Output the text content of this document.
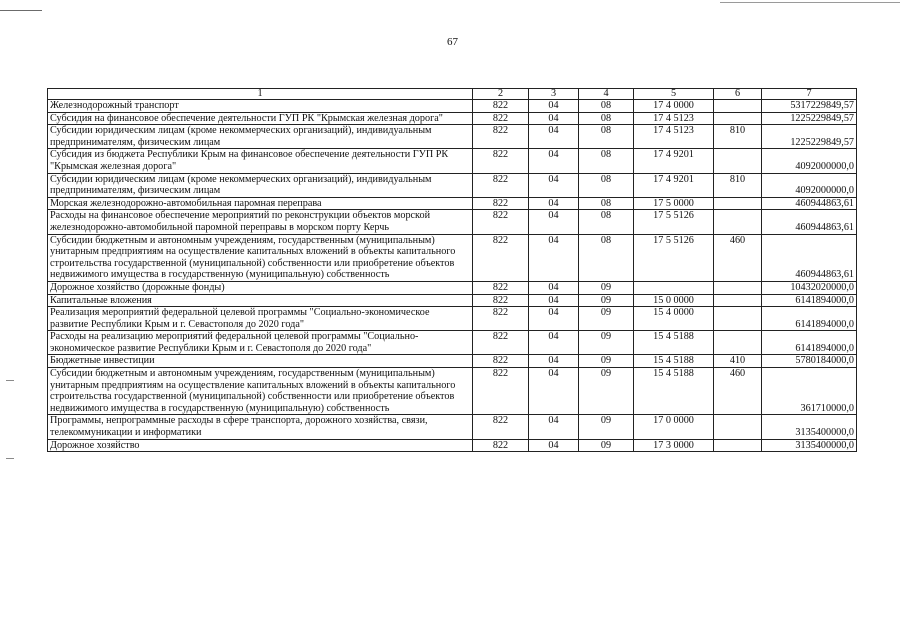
67
1	2	3	4	5	6	7
Железнодорожный транспорт	822	04	08	17 4 0000		5317229849,57
Субсидия на финансовое обеспечение деятельности ГУП РК "Крымская железная дорога"	822	04	08	17 4 5123		1225229849,57
Субсидии юридическим лицам (кроме некоммерческих организаций), индивидуальным предпринимателям, физическим лицам	822	04	08	17 4 5123	810	1225229849,57
Субсидия из бюджета Республики Крым на финансовое обеспечение деятельности ГУП РК "Крымская железная дорога"	822	04	08	17 4 9201		4092000000,0
Субсидии юридическим лицам (кроме некоммерческих организаций), индивидуальным предпринимателям, физическим лицам	822	04	08	17 4 9201	810	4092000000,0
Морская железнодорожно-автомобильная паромная переправа	822	04	08	17 5 0000		460944863,61
Расходы на финансовое обеспечение мероприятий по реконструкции объектов морской железнодорожно-автомобильной паромной переправы в морском порту Керчь	822	04	08	17 5 5126		460944863,61
Субсидии бюджетным и автономным учреждениям, государственным (муниципальным) унитарным предприятиям на осуществление капитальных вложений в объекты капитального строительства государственной (муниципальной) собственности или приобретение объектов недвижимого имущества в государственную (муниципальную) собственность	822	04	08	17 5 5126	460	460944863,61
Дорожное хозяйство (дорожные фонды)	822	04	09			10432020000,0
Капитальные вложения	822	04	09	15 0 0000		6141894000,0
Реализация мероприятий федеральной целевой программы "Социально-экономическое развитие Республики Крым и г. Севастополя до 2020 года"	822	04	09	15 4 0000		6141894000,0
Расходы на реализацию мероприятий федеральной целевой программы "Социально-экономическое развитие Республики Крым и г. Севастополя до 2020 года"	822	04	09	15 4 5188		6141894000,0
Бюджетные инвестиции	822	04	09	15 4 5188	410	5780184000,0
Субсидии бюджетным и автономным учреждениям, государственным (муниципальным) унитарным предприятиям на осуществление капитальных вложений в объекты капитального строительства государственной (муниципальной) собственности или приобретение объектов недвижимого имущества в государственную (муниципальную) собственность	822	04	09	15 4 5188	460	361710000,0
Программы, непрограммные расходы в сфере транспорта, дорожного хозяйства, связи, телекоммуникации и информатики	822	04	09	17 0 0000		3135400000,0
Дорожное хозяйство	822	04	09	17 3 0000		3135400000,0
